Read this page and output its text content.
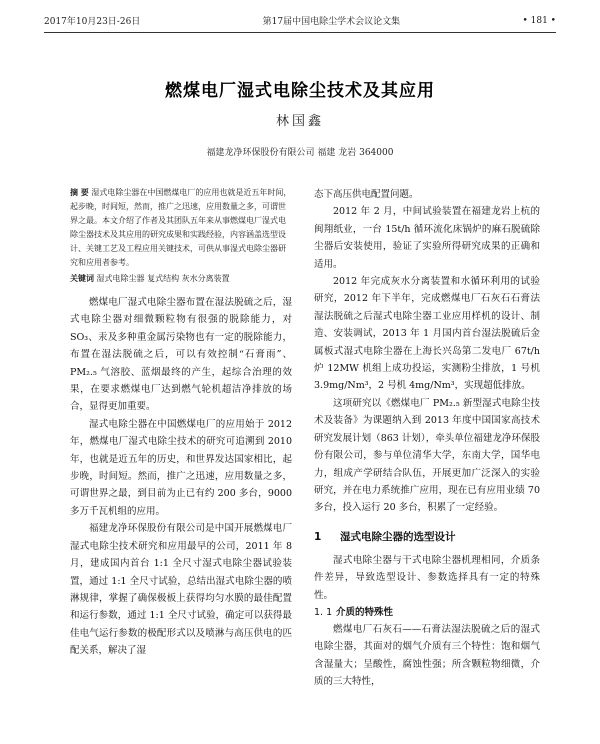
2017年10月23日-26日	第17届中国电除尘学术会议论文集	• 181 •
燃煤电厂湿式电除尘技术及其应用
林国鑫
福建龙净环保股份有限公司 福建 龙岩 364000
摘 要 湿式电除尘器在中国燃煤电厂的应用也就是近五年时间，起步晚，时间短，然而，推广之迅速，应用数量之多，可谓世界之最。本文介绍了作者及其团队五年来从事燃煤电厂湿式电除尘器技术及其应用的研究成果和实践经验，内容涵盖选型设计、关键工艺及工程应用关键技术，可供从事湿式电除尘器研究和应用者参考。
关键词 湿式电除尘器 复式结构 灰水分离装置

燃煤电厂湿式电除尘器布置在湿法脱硫之后，湿式电除尘器对细微颗粒物有很强的脱除能力，对 SO₃、汞及多种重金属污染物也有一定的脱除能力，布置在湿法脱硫之后，可以有效控制“石膏雨”、PM₂.₅ 气溶胶、蓝烟最终的产生，起综合治理的效果，在要求燃煤电厂达到燃气轮机超洁净排放的场合，显得更加重要。

湿式电除尘器在中国燃煤电厂的应用始于 2012 年，燃煤电厂湿式电除尘技术的研究可追溯到 2010 年，也就是近五年的历史，和世界发达国家相比，起步晚，时间短。然而，推广之迅速，应用数量之多，可谓世界之最，到目前为止已有约 200 多台，9000 多万千瓦机组的应用。

福建龙净环保股份有限公司是中国开展燃煤电厂湿式电除尘技术研究和应用最早的公司，2011 年 8 月，建成国内首台 1:1 全尺寸湿式电除尘器试验装置，通过 1:1 全尺寸试验，总结出湿式电除尘器的喷淋规律，掌握了确保极板上获得均匀水膜的最佳配置和运行参数，通过 1:1 全尺寸试验，确定可以获得最佳电气运行参数的极配形式以及喷淋与高压供电的匹配关系，解决了湿

态下高压供电配置问题。

2012 年 2 月，中间试验装置在福建龙岩上杭的闽翔纸业，一台 15t/h 循环流化床锅炉的麻石脱硫除尘器后安装使用，验证了实验所得研究成果的正确和适用。

2012 年完成灰水分离装置和水循环利用的试验研究，2012 年下半年，完成燃煤电厂石灰石石膏法湿法脱硫之后湿式电除尘器工业应用样机的设计、制造、安装调试，2013 年 1 月国内首台湿法脱硫后金属板式湿式电除尘器在上海长兴岛第二发电厂 67t/h 炉 12MW 机组上成功投运，实测粉尘排放，1 号机 3.9mg/Nm³，2 号机 4mg/Nm³，实现超低排放。

这项研究以《燃煤电厂 PM₂.₅ 新型湿式电除尘技术及装备》为课题纳入到 2013 年度中国国家高技术研究发展计划（863 计划），牵头单位福建龙净环保股份有限公司，参与单位清华大学，东南大学，国华电力，组成产学研结合队伍，开展更加广泛深入的实验研究，并在电力系统推广应用，现在已有应用业绩 70 多台，投入运行 20 多台，积累了一定经验。

1 湿式电除尘器的选型设计

湿式电除尘器与干式电除尘器机理相同，介质条件差异，导致选型设计、参数选择具有一定的特殊性。

1. 1 介质的特殊性

燃煤电厂石灰石——石膏法湿法脱硫之后的湿式电除尘器，其面对的烟气介质有三个特性：饱和烟气含湿量大；呈酸性，腐蚀性强；所含颗粒物细微，介质的三大特性，
